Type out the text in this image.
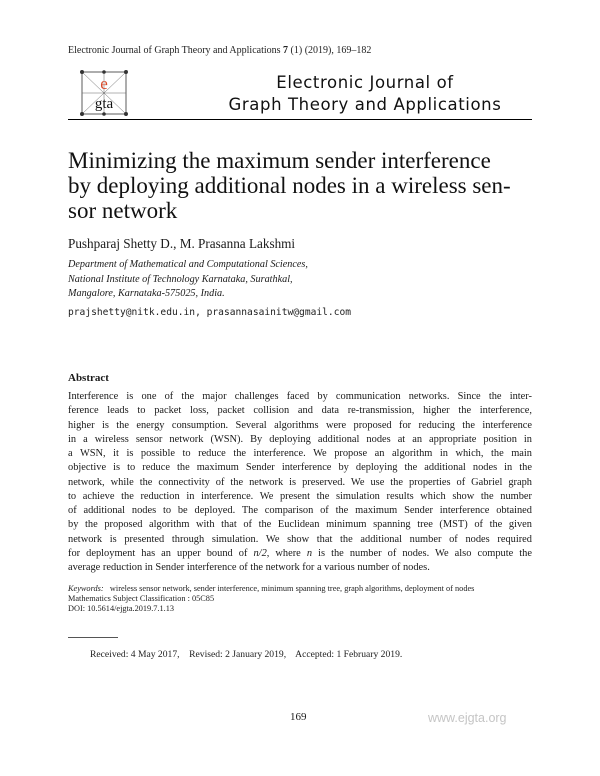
Electronic Journal of Graph Theory and Applications 7 (1) (2019), 169–182
e
gta
Electronic Journal of
Graph Theory and Applications
Minimizing the maximum sender interference
by deploying additional nodes in a wireless sen-
sor network
Pushparaj Shetty D., M. Prasanna Lakshmi
Department of Mathematical and Computational Sciences,
National Institute of Technology Karnataka, Surathkal,
Mangalore, Karnataka-575025, India.
prajshetty@nitk.edu.in, prasannasainitw@gmail.com
Abstract
Interference is one of the major challenges faced by communication networks. Since the inter-
ference leads to packet loss, packet collision and data re-transmission, higher the interference,
higher is the energy consumption. Several algorithms were proposed for reducing the interference
in a wireless sensor network (WSN). By deploying additional nodes at an appropriate position in
a WSN, it is possible to reduce the interference. We propose an algorithm in which, the main
objective is to reduce the maximum Sender interference by deploying the additional nodes in the
network, while the connectivity of the network is preserved. We use the properties of Gabriel graph
to achieve the reduction in interference. We present the simulation results which show the number
of additional nodes to be deployed. The comparison of the maximum Sender interference obtained
by the proposed algorithm with that of the Euclidean minimum spanning tree (MST) of the given
network is presented through simulation. We show that the additional number of nodes required
for deployment has an upper bound of n/2, where n is the number of nodes. We also compute the
average reduction in Sender interference of the network for a various number of nodes.
Keywords: wireless sensor network, sender interference, minimum spanning tree, graph algorithms, deployment of nodes
Mathematics Subject Classification : 05C85
DOI: 10.5614/ejgta.2019.7.1.13
Received: 4 May 2017,    Revised: 2 January 2019,    Accepted: 1 February 2019.
169	www.ejgta.org
